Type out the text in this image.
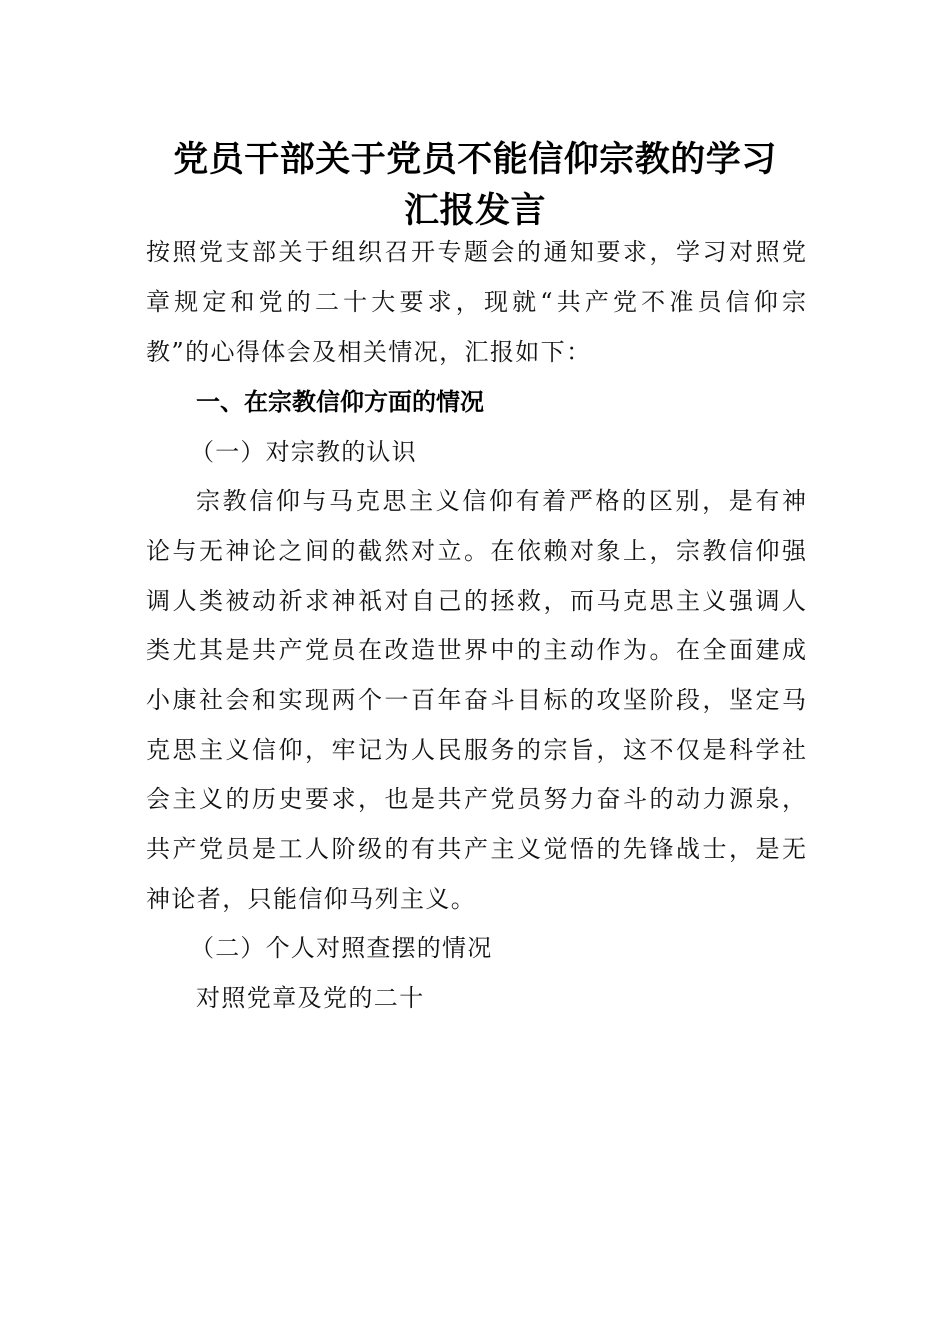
党员干部关于党员不能信仰宗教的学习
汇报发言
按照党支部关于组织召开专题会的通知要求，学习对照党
章规定和党的二十大要求，现就“共产党不准员信仰宗
教”的心得体会及相关情况，汇报如下：
一、在宗教信仰方面的情况
（一）对宗教的认识
宗教信仰与马克思主义信仰有着严格的区别，是有神
论与无神论之间的截然对立。在依赖对象上，宗教信仰强
调人类被动祈求神祇对自己的拯救，而马克思主义强调人
类尤其是共产党员在改造世界中的主动作为。在全面建成
小康社会和实现两个一百年奋斗目标的攻坚阶段，坚定马
克思主义信仰，牢记为人民服务的宗旨，这不仅是科学社
会主义的历史要求，也是共产党员努力奋斗的动力源泉，
共产党员是工人阶级的有共产主义觉悟的先锋战士，是无
神论者，只能信仰马列主义。
（二）个人对照查摆的情况
对照党章及党的二十
